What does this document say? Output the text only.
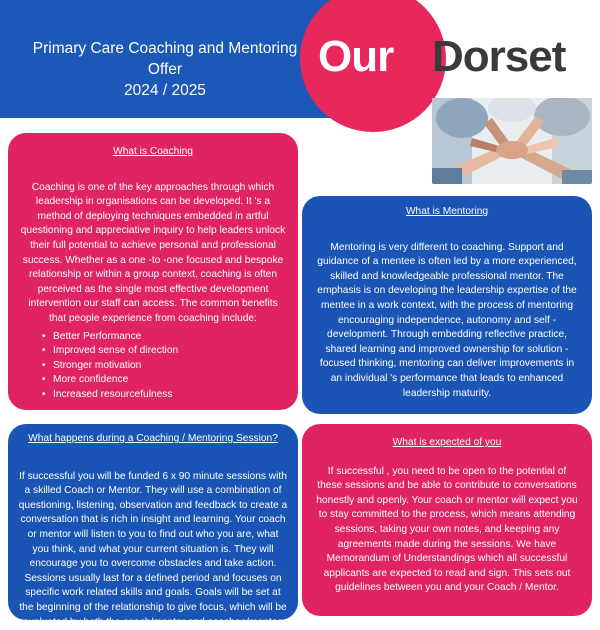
Primary Care Coaching and Mentoring
Offer
2024 / 2025
Our Dorset
What is Coaching

Coaching is one of the key approaches through which leadership in organisations can be developed. It 's a method of deploying techniques embedded in artful questioning and appreciative inquiry to help leaders unlock their full potential to achieve personal and professional success. Whether as a one -to -one focused and bespoke relationship or within a group context, coaching is often perceived as the single most effective development intervention our staff can access. The common benefits that people experience from coaching include:

• Better Performance
• Improved sense of direction
• Stronger motivation
• More confidence
• Increased resourcefulness
What is Mentoring

Mentoring is very different to coaching. Support and guidance of a mentee is often led by a more experienced, skilled and knowledgeable professional mentor. The emphasis is on developing the leadership expertise of the mentee in a work context, with the process of mentoring encouraging independence, autonomy and self -development. Through embedding reflective practice, shared learning and improved ownership for solution -focused thinking, mentoring can deliver improvements in an individual 's performance that leads to enhanced leadership maturity.

What happens during a Coaching / Mentoring Session?

If successful you will be funded 6 x 90 minute sessions with a skilled Coach or Mentor. They will use a combination of questioning, listening, observation and feedback to create a conversation that is rich in insight and learning. Your coach or mentor will listen to you to find out who you are, what you think, and what your current situation is. They will encourage you to overcome obstacles and take action. Sessions usually last for a defined period and focuses on specific work related skills and goals. Goals will be set at the beginning of the relationship to give focus, which will be evaluated by both the coach/mentor and coachee/mentee

What is expected of you

If successful , you need to be open to the potential of these sessions and be able to contribute to conversations honestly and openly. Your coach or mentor will expect you to stay committed to the process, which means attending sessions, taking your own notes, and keeping any agreements made during the sessions. We have Memorandum of Understandings which all successful applicants are expected to read and sign. This sets out guidelines between you and your Coach / Mentor.
